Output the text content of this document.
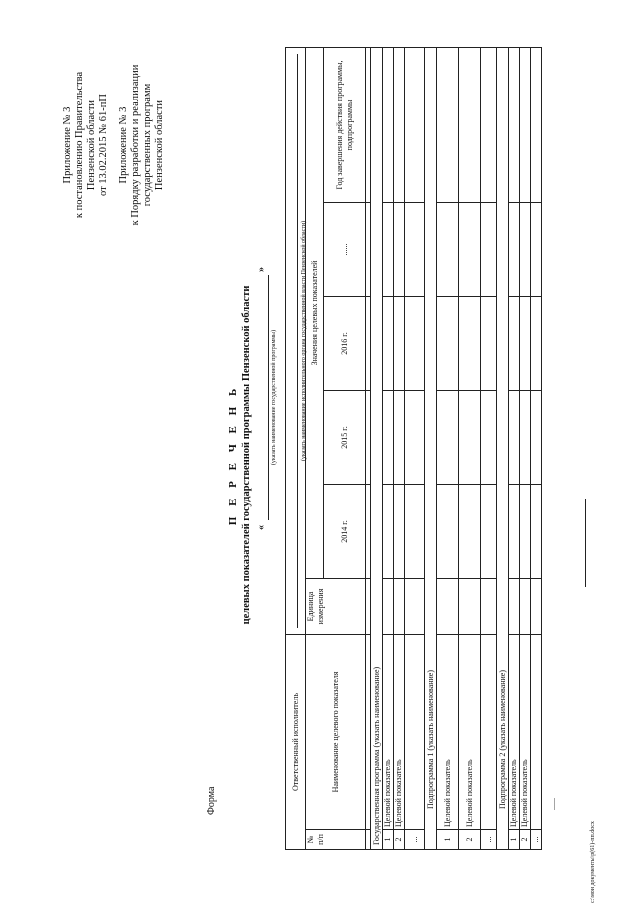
Приложение № 3 к постановлению Правительства Пензенской области от 13.02.2015 № 61-пП Приложение № 3 к Порядку разработки и реализации государственных программ Пензенской области
Форма
П Е Р Е Ч Е Н Ь целевых показателей государственной программы Пензенской области «
»
(указать наименование государственной программы)
Ответственный исполнитель		(указать наименование исполнительного органа государственной власти Пензенской области)					

№ п/п	Наименование целевого показателя	Единица измерения	Значения целевых показателей				
			2014 г.	2015 г.	2016 г.	......	Год завершения действия программы, подпрограммы

Государственная программа (указать наименование)							
1	Целевой показатель						
2	Целевой показатель						
...							
Подпрограмма 1 (указать наименование)							
1	Целевой показатель						
2	Целевой показатель						
...							
Подпрограмма 2 (указать наименование)							
1	Целевой показатель						
2	Целевой показатель						
...							
......
c:\мои документы\р(61)-пп.docx
